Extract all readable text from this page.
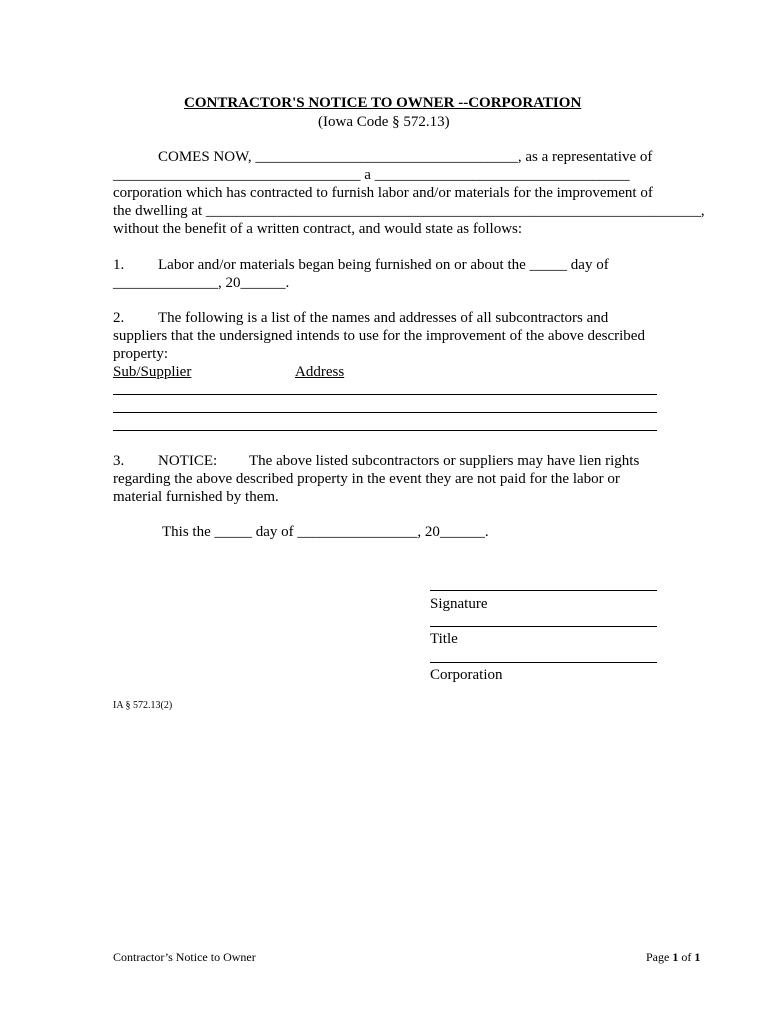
CONTRACTOR'S NOTICE TO OWNER --CORPORATION
(Iowa Code § 572.13)
COMES NOW, ___________________________________, as a representative of
_________________________________ a __________________________________
corporation which has contracted to furnish labor and/or materials for the improvement of
the dwelling at __________________________________________________________________,
without the benefit of a written contract, and would state as follows:
1. Labor and/or materials began being furnished on or about the _____ day of
______________, 20______.
2. The following is a list of the names and addresses of all subcontractors and
suppliers that the undersigned intends to use for the improvement of the above described
property:
Sub/Supplier	Address
3. NOTICE: The above listed subcontractors or suppliers may have lien rights
regarding the above described property in the event they are not paid for the labor or
material furnished by them.
This the _____ day of ________________, 20______.
Signature
Title
Corporation
IA § 572.13(2)
Contractor’s Notice to Owner	Page 1 of 1
